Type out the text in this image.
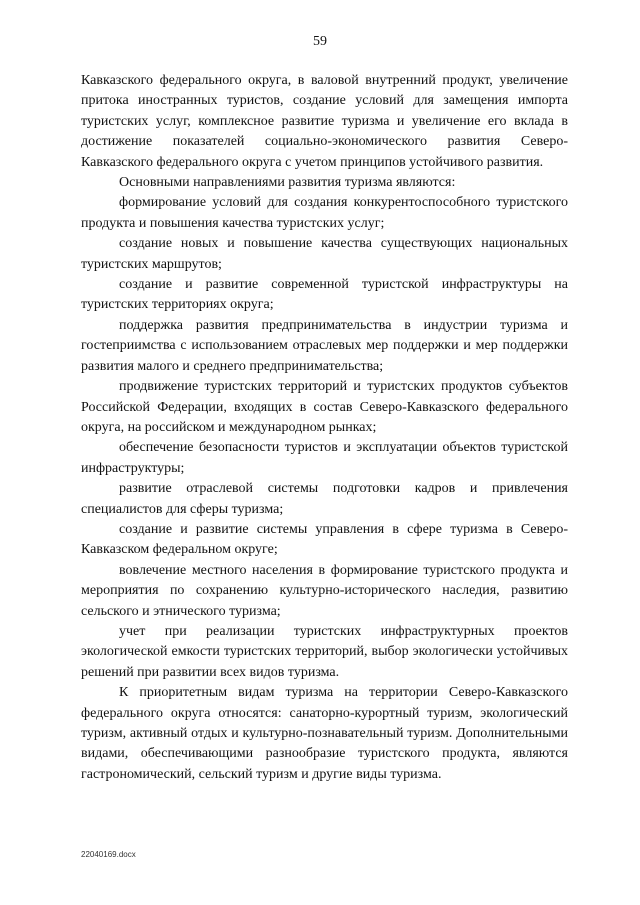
59

Кавказского федерального округа, в валовой внутренний продукт, увеличение притока иностранных туристов, создание условий для замещения импорта туристских услуг, комплексное развитие туризма и увеличение его вклада в достижение показателей социально-экономического развития Северо-Кавказского федерального округа с учетом принципов устойчивого развития.

Основными направлениями развития туризма являются:

формирование условий для создания конкурентоспособного туристского продукта и повышения качества туристских услуг;

создание новых и повышение качества существующих национальных туристских маршрутов;

создание и развитие современной туристской инфраструктуры на туристских территориях округа;

поддержка развития предпринимательства в индустрии туризма и гостеприимства с использованием отраслевых мер поддержки и мер поддержки развития малого и среднего предпринимательства;

продвижение туристских территорий и туристских продуктов субъектов Российской Федерации, входящих в состав Северо-Кавказского федерального округа, на российском и международном рынках;

обеспечение безопасности туристов и эксплуатации объектов туристской инфраструктуры;

развитие отраслевой системы подготовки кадров и привлечения специалистов для сферы туризма;

создание и развитие системы управления в сфере туризма в Северо-Кавказском федеральном округе;

вовлечение местного населения в формирование туристского продукта и мероприятия по сохранению культурно-исторического наследия, развитию сельского и этнического туризма;

учет при реализации туристских инфраструктурных проектов экологической емкости туристских территорий, выбор экологически устойчивых решений при развитии всех видов туризма.

К приоритетным видам туризма на территории Северо-Кавказского федерального округа относятся: санаторно-курортный туризм, экологический туризм, активный отдых и культурно-познавательный туризм. Дополнительными видами, обеспечивающими разнообразие туристского продукта, являются гастрономический, сельский туризм и другие виды туризма.

22040169.docx
